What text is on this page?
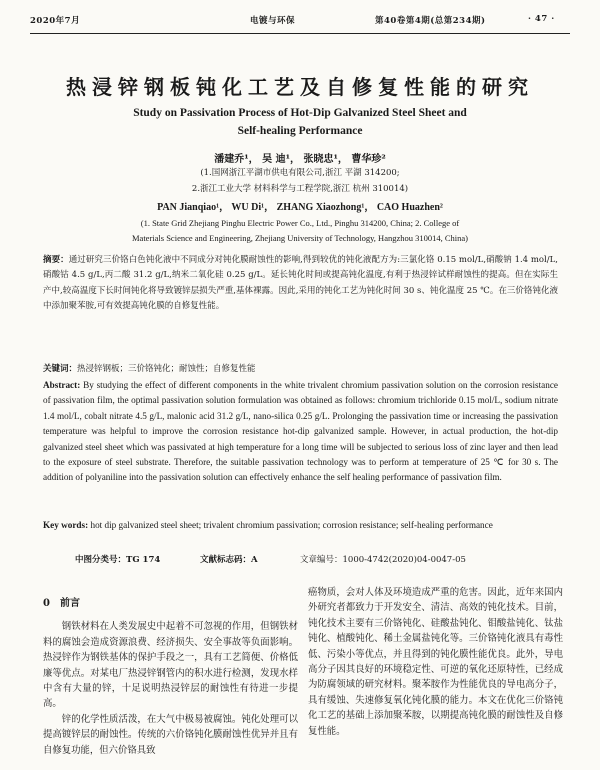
2020年7月	电镀与环保	第40卷第4期(总第234期)	· 47 ·
热浸锌钢板钝化工艺及自修复性能的研究
Study on Passivation Process of Hot-Dip Galvanized Steel Sheet and
Self-healing Performance
潘建乔¹， 吴 迪¹， 张晓忠¹， 曹华珍²
(1.国网浙江平湖市供电有限公司,浙江 平湖 314200;
2.浙江工业大学 材料科学与工程学院,浙江 杭州 310014)
PAN Jianqiao¹， WU Di¹， ZHANG Xiaozhong¹， CAO Huazhen²
(1. State Grid Zhejiang Pinghu Electric Power Co., Ltd., Pinghu 314200, China; 2. College of
Materials Science and Engineering, Zhejiang University of Technology, Hangzhou 310014, China)
摘要：通过研究三价铬白色钝化液中不同成分对钝化膜耐蚀性的影响,得到较优的钝化液配方为:三氯化铬 0.15 mol/L,硝酸钠 1.4 mol/L,硝酸钴 4.5 g/L,丙二酸 31.2 g/L,纳米二氧化硅 0.25 g/L。延长钝化时间或提高钝化温度,有利于热浸锌试样耐蚀性的提高。但在实际生产中,较高温度下长时间钝化将导致镀锌层损失严重,基体裸露。因此,采用的钝化工艺为钝化时间 30 s、钝化温度 25 ℃。在三价铬钝化液中添加聚苯胺,可有效提高钝化膜的自修复性能。
关键词：热浸锌钢板；三价铬钝化；耐蚀性；自修复性能
Abstract: By studying the effect of different components in the white trivalent chromium passivation solution on the corrosion resistance of passivation film, the optimal passivation solution formulation was obtained as follows: chromium trichloride 0.15 mol/L, sodium nitrate 1.4 mol/L, cobalt nitrate 4.5 g/L, malonic acid 31.2 g/L, nano-silica 0.25 g/L. Prolonging the passivation time or increasing the passivation temperature was helpful to improve the corrosion resistance hot-dip galvanized sample. However, in actual production, the hot-dip galvanized steel sheet which was passivated at high temperature for a long time will be subjected to serious loss of zinc layer and then lead to the exposure of steel substrate. Therefore, the suitable passivation technology was to perform at temperature of 25 ℃ for 30 s. The addition of polyaniline into the passivation solution can effectively enhance the self healing performance of passivation film.
Key words: hot dip galvanized steel sheet; trivalent chromium passivation; corrosion resistance; self-healing performance
中图分类号：TG 174	文献标志码：A	文章编号：1000-4742(2020)04-0047-05
0　前言
钢铁材料在人类发展史中起着不可忽视的作用，但钢铁材料的腐蚀会造成资源浪费、经济损失、安全事故等负面影响。热浸锌作为钢铁基体的保护手段之一，具有工艺简便、价格低廉等优点。对某电厂热浸锌钢管内的积水进行检测，发现水样中含有大量的锌，十足说明热浸锌层的耐蚀性有待进一步提高。
锌的化学性质活泼，在大气中极易被腐蚀。钝化处理可以提高镀锌层的耐蚀性。传统的六价铬钝化膜耐蚀性优异并且有自修复功能，但六价铬具致
癌物质，会对人体及环境造成严重的危害。因此，近年来国内外研究者都致力于开发安全、清洁、高效的钝化技术。目前，钝化技术主要有三价铬钝化、硅酸盐钝化、钼酸盐钝化、钛盐钝化、植酸钝化、稀土金属盐钝化等。三价铬钝化液具有毒性低、污染小等优点，并且得到的钝化膜性能优良。此外，导电高分子因其良好的环境稳定性、可逆的氧化还原特性，已经成为防腐领域的研究材料。聚苯胺作为性能优良的导电高分子，具有缓蚀、失速修复氧化钝化膜的能力。本文在优化三价铬钝化工艺的基础上添加聚苯胺，以期提高钝化膜的耐蚀性及自修复性能。
